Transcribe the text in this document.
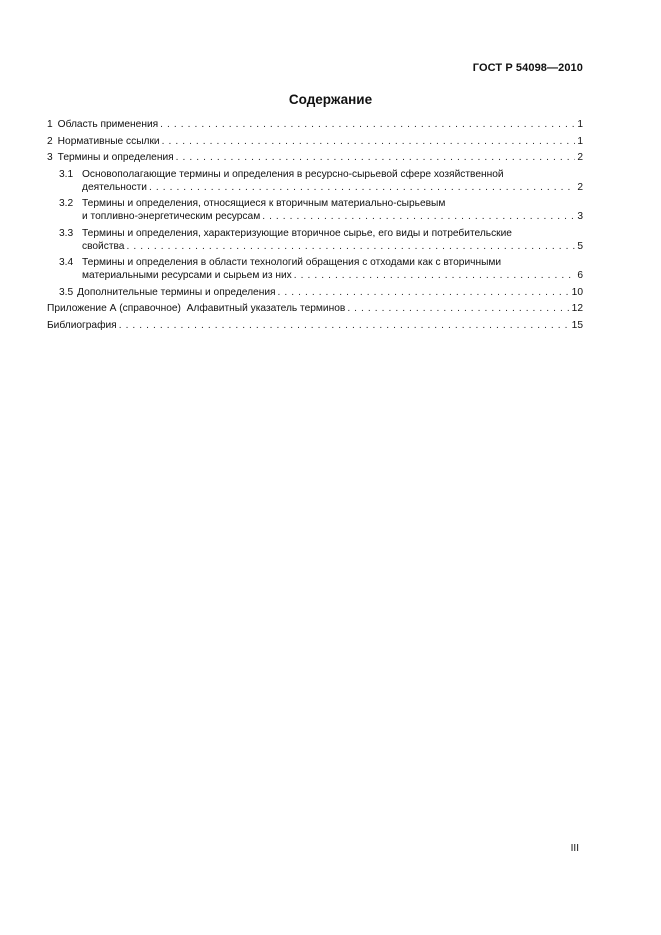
ГОСТ Р 54098—2010
Содержание
1 Область применения . . .	1
2 Нормативные ссылки . . .	1
3 Термины и определения . . .	2
3.1 Основополагающие термины и определения в ресурсно-сырьевой сфере хозяйственной
деятельности . . .	2
3.2 Термины и определения, относящиеся к вторичным материально-сырьевым
и топливно-энергетическим ресурсам . . .	3
3.3 Термины и определения, характеризующие вторичное сырье, его виды и потребительские
свойства . . .	5
3.4 Термины и определения в области технологий обращения с отходами как с вторичными
материальными ресурсами и сырьем из них . . .	6
3.5 Дополнительные термины и определения . . .	10
Приложение А (справочное)  Алфавитный указатель терминов . . .	12
Библиография . . .	15
III
